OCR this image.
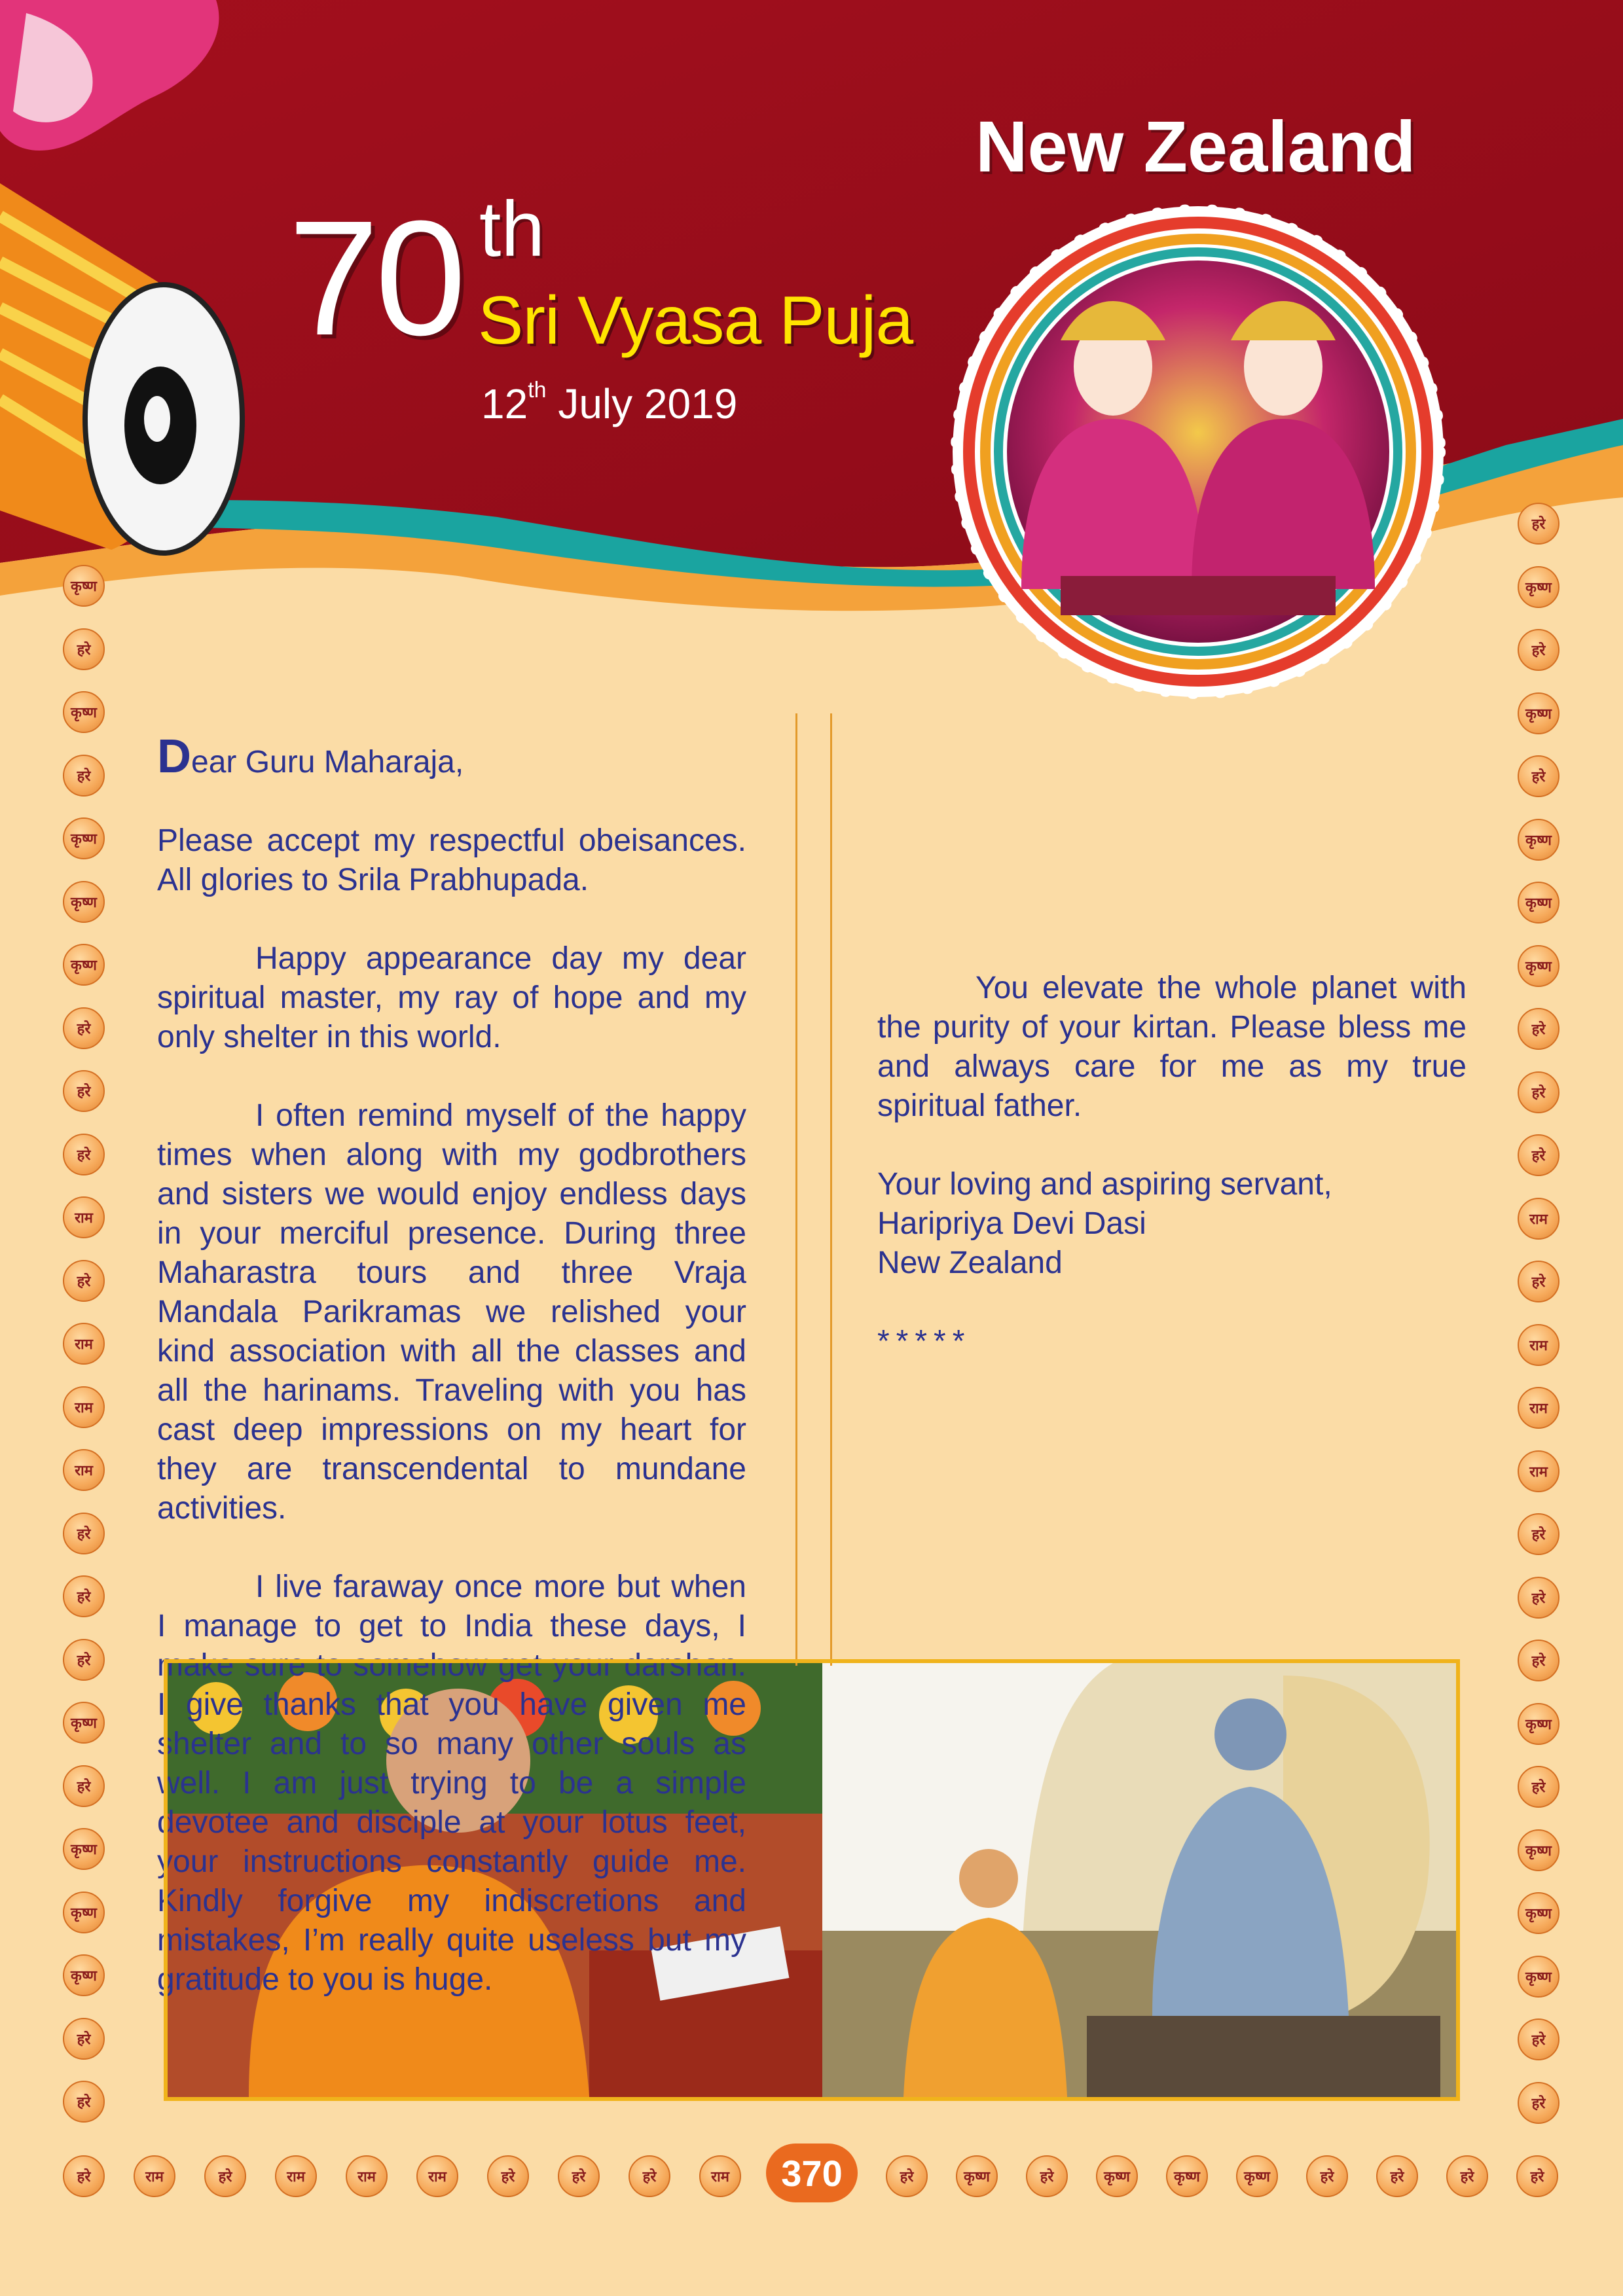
70 th
Sri Vyasa Puja
12th July 2019
New Zealand

Dear Guru Maharaja,

Please accept my respectful obeisances. All glories to Srila Prabhupada.

Happy appearance day my dear spiritual master, my ray of hope and my only shelter in this world.

I often remind myself of the happy times when along with my godbrothers and sisters we would enjoy endless days in your merciful presence. During three Maharastra tours and three Vraja Mandala Parikramas we relished your kind association with all the classes and all the harinams. Traveling with you has cast deep impressions on my heart for they are transcendental to mundane activities.

I live faraway once more but when I manage to get to India these days, I make sure to somehow get your darshan. I give thanks that you have given me shelter and to so many other souls as well. I am just trying to be a simple devotee and disciple at your lotus feet, your instructions constantly guide me. Kindly forgive my indiscretions and mistakes, I’m really quite useless but my gratitude to you is huge.

You elevate the whole planet with the purity of your kirtan. Please bless me and always care for me as my true spiritual father.

Your loving and aspiring servant,
Haripriya Devi Dasi
New Zealand

*****

कृष्ण
हरे
कृष्ण
हरे
कृष्ण
कृष्ण
कृष्ण
हरे
हरे
हरे
राम
हरे
राम
राम
राम
हरे
हरे
हरे
कृष्ण
हरे
कृष्ण
कृष्ण
कृष्ण
हरे
हरे
हरे
कृष्ण
हरे
कृष्ण
हरे
कृष्ण
कृष्ण
कृष्ण
हरे
हरे
हरे
राम
हरे
राम
राम
राम
हरे
हरे
हरे
कृष्ण
हरे
कृष्ण
कृष्ण
कृष्ण
हरे
हरे
हरे	राम	हरे	राम	राम	राम	हरे	हरे	हरे	राम	हरे	कृष्ण	हरे	कृष्ण	कृष्ण	कृष्ण	हरे	हरे	हरे	हरे
370
